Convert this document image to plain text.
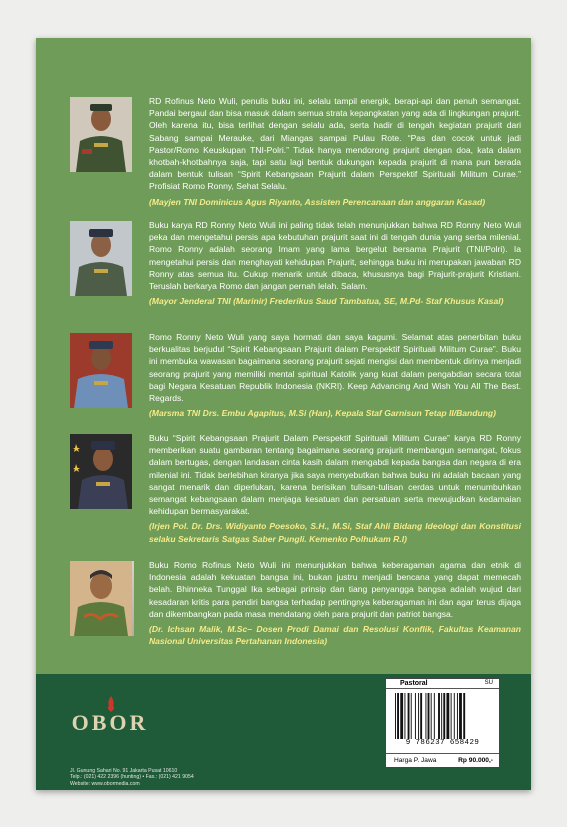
RD Rofinus Neto Wuli, penulis buku ini, selalu tampil energik, berapi-api dan penuh semangat. Pandai bergaul dan bisa masuk dalam semua strata kepangkatan yang ada di lingkungan prajurit. Oleh karena itu, bisa terlihat dengan selalu ada, serta hadir di tengah kegiatan prajurit dari Sabang sampai Merauke, dari Miangas sampai Pulau Rote. “Pas dan cocok untuk jadi Pastor/Romo Keuskupan TNI-Polri.” Tidak hanya mendorong prajurit dengan doa, kata dalam khotbah-khotbahnya saja, tapi satu lagi bentuk dukungan kepada prajurit di mana pun berada dalam bentuk tulisan “Spirit Kebangsaan Prajurit dalam Perspektif Spirituali Militum Curae.” Profisiat Romo Ronny, Sehat Selalu.

(Mayjen TNI Dominicus Agus Riyanto, Assisten Perencanaan dan anggaran Kasad)

Buku karya RD Ronny Neto Wuli ini paling tidak telah menunjukkan bahwa RD Ronny Neto Wuli peka dan mengetahui persis apa kebutuhan prajurit saat ini di tengah dunia yang serba milenial. Romo Ronny adalah seorang Imam yang lama bergelut bersama Prajurit (TNI/Polri). Ia mengetahui persis dan menghayati kehidupan Prajurit, sehingga buku ini merupakan jawaban RD Ronny atas semua itu. Cukup menarik untuk dibaca, khususnya bagi Prajurit-prajurit Kristiani. Teruslah berkarya Romo dan jangan pernah lelah. Salam.

(Mayor Jenderal TNI (Marinir) Frederikus Saud Tambatua, SE, M.Pd- Staf Khusus Kasal)

Romo Ronny Neto Wuli yang saya hormati dan saya kagumi. Selamat atas penerbitan buku berkualitas berjudul “Spirit Kebangsaan Prajurit dalam Perspektif Spirituali Militum Curae”. Buku ini membuka wawasan bagaimana seorang prajurit sejati mengisi dan membentuk dirinya menjadi seorang prajurit yang memiliki mental spiritual Katolik yang kuat dalam pengabdian secara total bagi Negara Kesatuan Republik Indonesia (NKRI). Keep Advancing And Wish You All The Best. Regards.

(Marsma TNI Drs. Embu Agapitus, M.Si (Han), Kepala Staf Garnisun Tetap II/Bandung)

Buku “Spirit Kebangsaan Prajurit Dalam Perspektif Spirituali Militum Curae” karya RD Ronny memberikan suatu gambaran tentang bagaimana seorang prajurit membangun semangat, fokus dalam bertugas, dengan landasan cinta kasih dalam mengabdi kepada bangsa dan negara di era milenial ini. Tidak berlebihan kiranya jika saya menyebutkan bahwa buku ini adalah bacaan yang sangat menarik dan diperlukan, karena berisikan tulisan-tulisan cerdas untuk menumbuhkan semangat kebangsaan dalam menjaga kesatuan dan persatuan serta mewujudkan kedamaian kehidupan bermasyarakat.

(Irjen Pol. Dr. Drs. Widiyanto Poesoko, S.H., M.Si, Staf Ahli Bidang Ideologi dan Konstitusi selaku Sekretaris Satgas Saber Pungli. Kemenko Polhukam R.I)

Buku Romo Rofinus Neto Wuli ini menunjukkan bahwa keberagaman agama dan etnik di Indonesia adalah kekuatan bangsa ini, bukan justru menjadi bencana yang dapat memecah belah. Bhinneka Tunggal Ika sebagai prinsip dan tiang penyangga bangsa adalah wujud dari kesadaran kritis para pendiri bangsa terhadap pentingnya keberagaman ini dan agar terus dijaga dan dikembangkan pada masa mendatang oleh para prajurit dan patriot bangsa.

(Dr. Ichsan Malik, M.Sc– Dosen Prodi Damai dan Resolusi Konflik, Fakultas Keamanan Nasional Universitas Pertahanan Indonesia)

OBOR
Jl. Gunung Sahari No. 91 Jakarta Pusat 10610
Telp.: (021) 422 2396 (hunting) • Fax.: (021) 421 9054
Website: www.obormedia.com
Pastoral	SU
9 786237 658429
Harga P. Jawa	Rp 90.000,-
